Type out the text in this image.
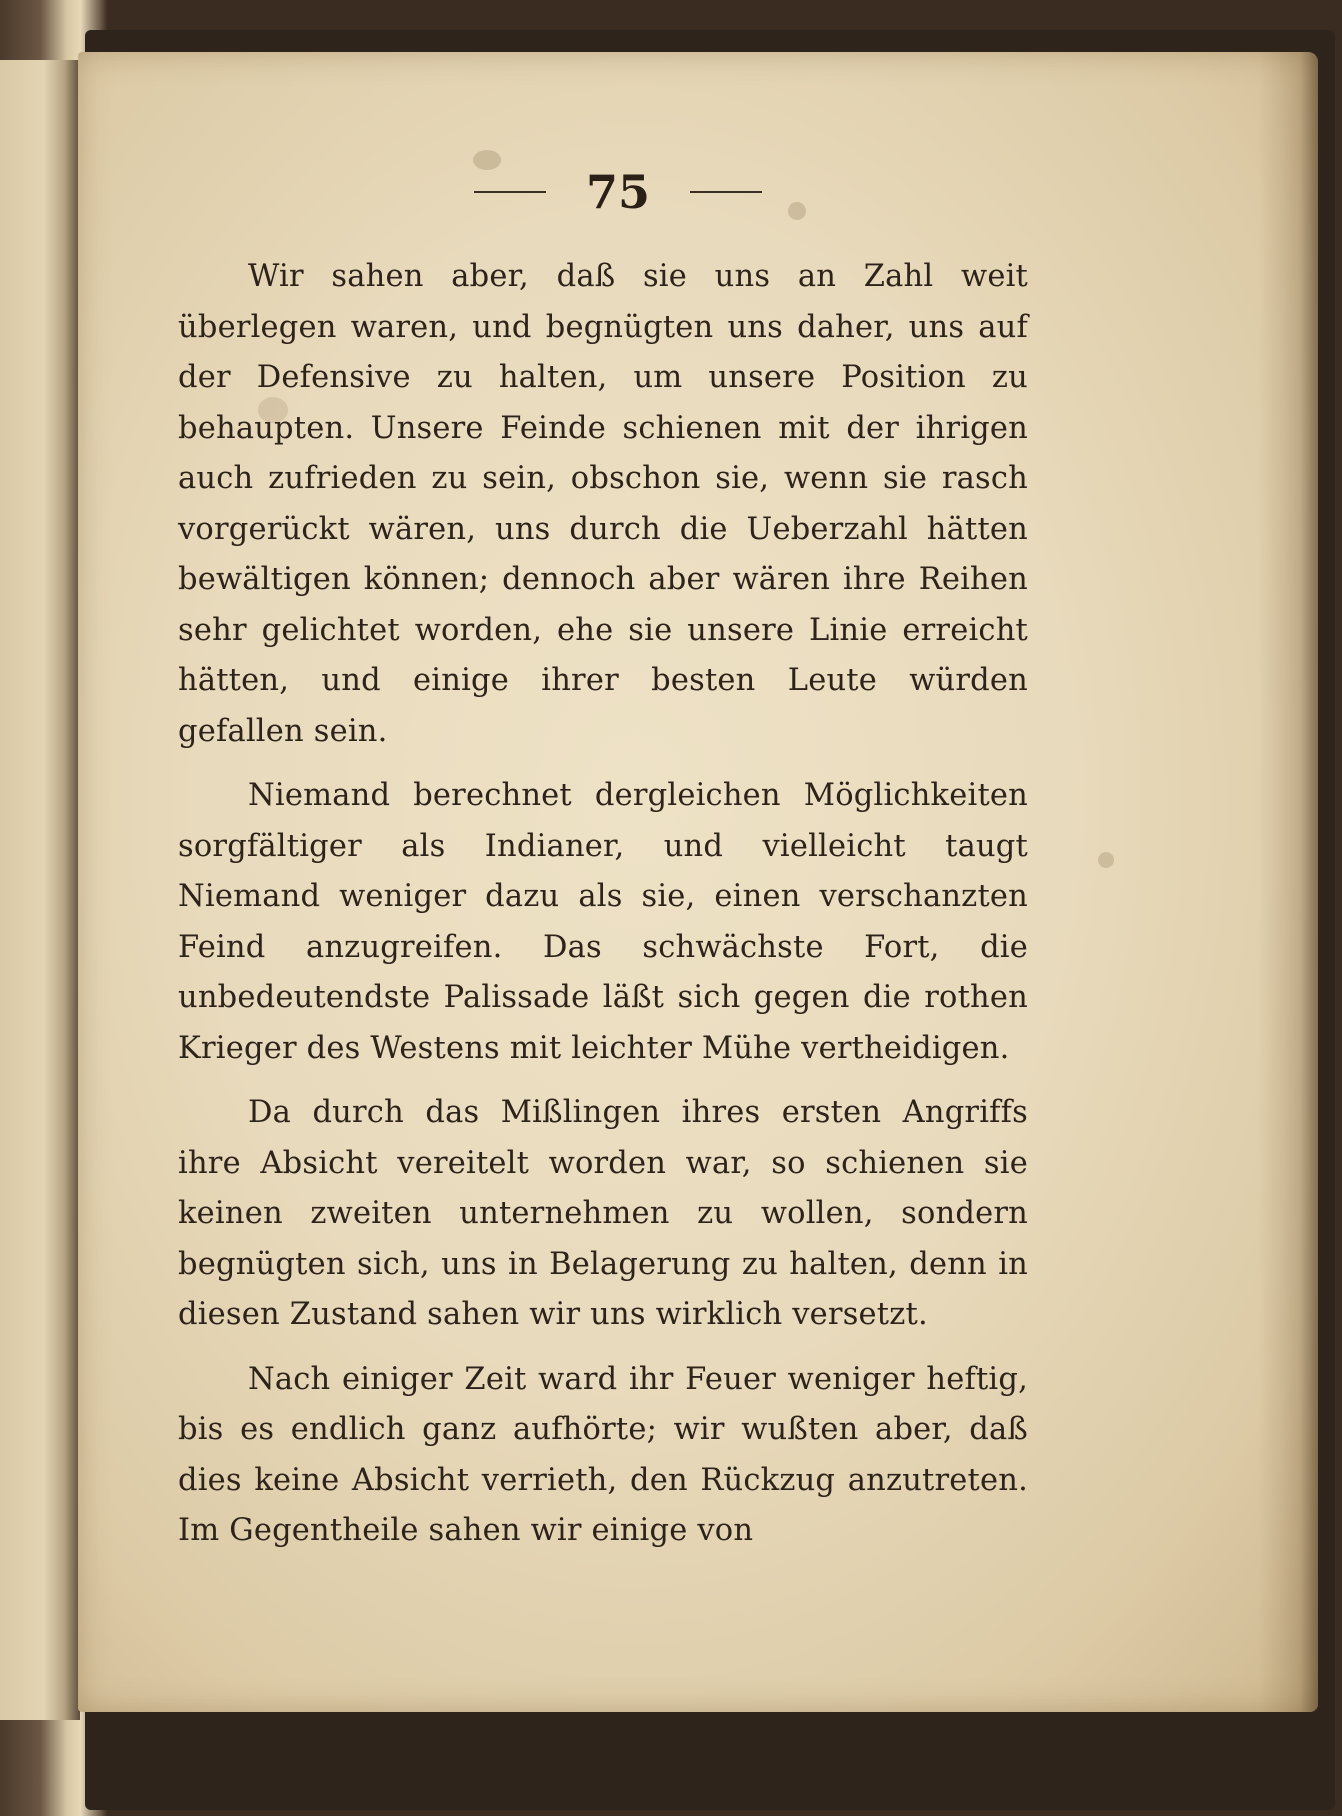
75

Wir sahen aber, daß sie uns an Zahl weit überlegen waren, und begnügten uns daher, uns auf der Defensive zu halten, um unsere Position zu behaupten. Unsere Feinde schienen mit der ihrigen auch zufrieden zu sein, obschon sie, wenn sie rasch vorgerückt wären, uns durch die Ueberzahl hätten bewältigen können; dennoch aber wären ihre Reihen sehr gelichtet worden, ehe sie unsere Linie erreicht hätten, und einige ihrer besten Leute würden gefallen sein.

Niemand berechnet dergleichen Möglichkeiten sorgfältiger als Indianer, und vielleicht taugt Niemand weniger dazu als sie, einen verschanzten Feind anzugreifen. Das schwächste Fort, die unbedeutendste Palissade läßt sich gegen die rothen Krieger des Westens mit leichter Mühe vertheidigen.

Da durch das Mißlingen ihres ersten Angriffs ihre Absicht vereitelt worden war, so schienen sie keinen zweiten unternehmen zu wollen, sondern begnügten sich, uns in Belagerung zu halten, denn in diesen Zustand sahen wir uns wirklich versetzt.

Nach einiger Zeit ward ihr Feuer weniger heftig, bis es endlich ganz aufhörte; wir wußten aber, daß dies keine Absicht verrieth, den Rückzug anzutreten. Im Gegentheile sahen wir einige von
